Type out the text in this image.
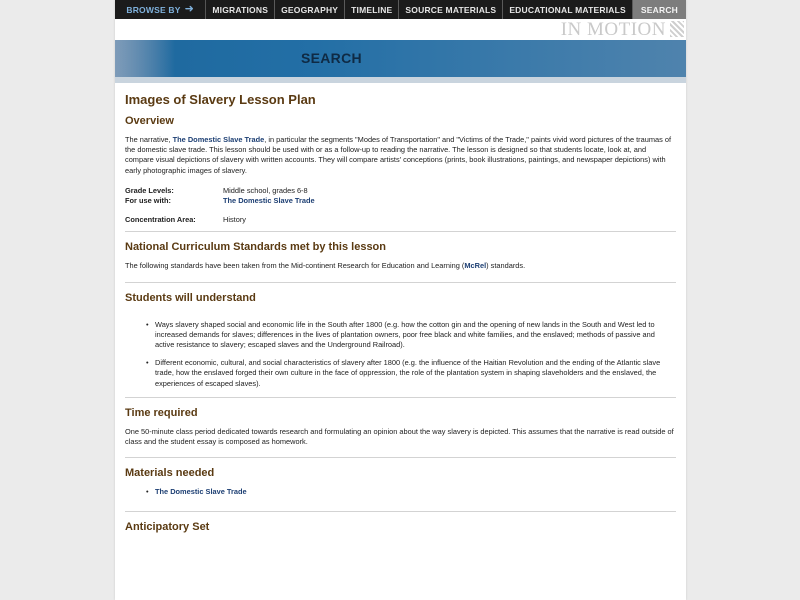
BROWSE BY ➜	MIGRATIONS	GEOGRAPHY	TIMELINE	SOURCE MATERIALS	EDUCATIONAL MATERIALS	SEARCH
IN MOTION
SEARCH
Images of Slavery Lesson Plan
Overview

The narrative, The Domestic Slave Trade, in particular the segments "Modes of Transportation" and "Victims of the Trade," paints vivid word pictures of the traumas of the domestic slave trade. This lesson should be used with or as a follow-up to reading the narrative. The lesson is designed so that students locate, look at, and compare visual depictions of slavery with written accounts. They will compare artists' conceptions (prints, book illustrations, paintings, and newspaper depictions) with early photographic images of slavery.

Grade Levels:	Middle school, grades 6-8
For use with:	The Domestic Slave Trade
Concentration Area:	History
National Curriculum Standards met by this lesson

The following standards have been taken from the Mid-continent Research for Education and Learning (McRel) standards.

Students will understand
• Ways slavery shaped social and economic life in the South after 1800 (e.g. how the cotton gin and the opening of new lands in the South and West led to increased demands for slaves; differences in the lives of plantation owners, poor free black and white families, and the enslaved; methods of passive and active resistance to slavery; escaped slaves and the Underground Railroad).
• Different economic, cultural, and social characteristics of slavery after 1800 (e.g. the influence of the Haitian Revolution and the ending of the Atlantic slave trade, how the enslaved forged their own culture in the face of oppression, the role of the plantation system in shaping slaveholders and the enslaved, the experiences of escaped slaves).
Time required

One 50-minute class period dedicated towards research and formulating an opinion about the way slavery is depicted. This assumes that the narrative is read outside of class and the student essay is composed as homework.

Materials needed
• The Domestic Slave Trade
Anticipatory Set
